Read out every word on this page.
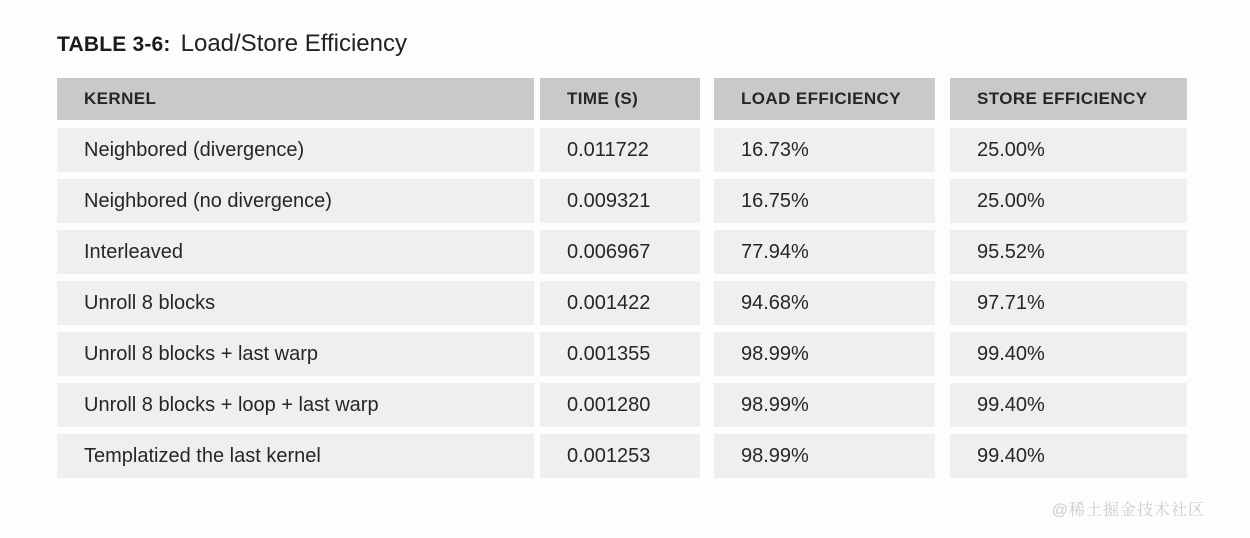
TABLE 3-6: Load/Store Efficiency
KERNEL	TIME (S)	LOAD EFFICIENCY	STORE EFFICIENCY
Neighbored (divergence)	0.011722	16.73%	25.00%
Neighbored (no divergence)	0.009321	16.75%	25.00%
Interleaved	0.006967	77.94%	95.52%
Unroll 8 blocks	0.001422	94.68%	97.71%
Unroll 8 blocks + last warp	0.001355	98.99%	99.40%
Unroll 8 blocks + loop + last warp	0.001280	98.99%	99.40%
Templatized the last kernel	0.001253	98.99%	99.40%
@稀土掘金技术社区
